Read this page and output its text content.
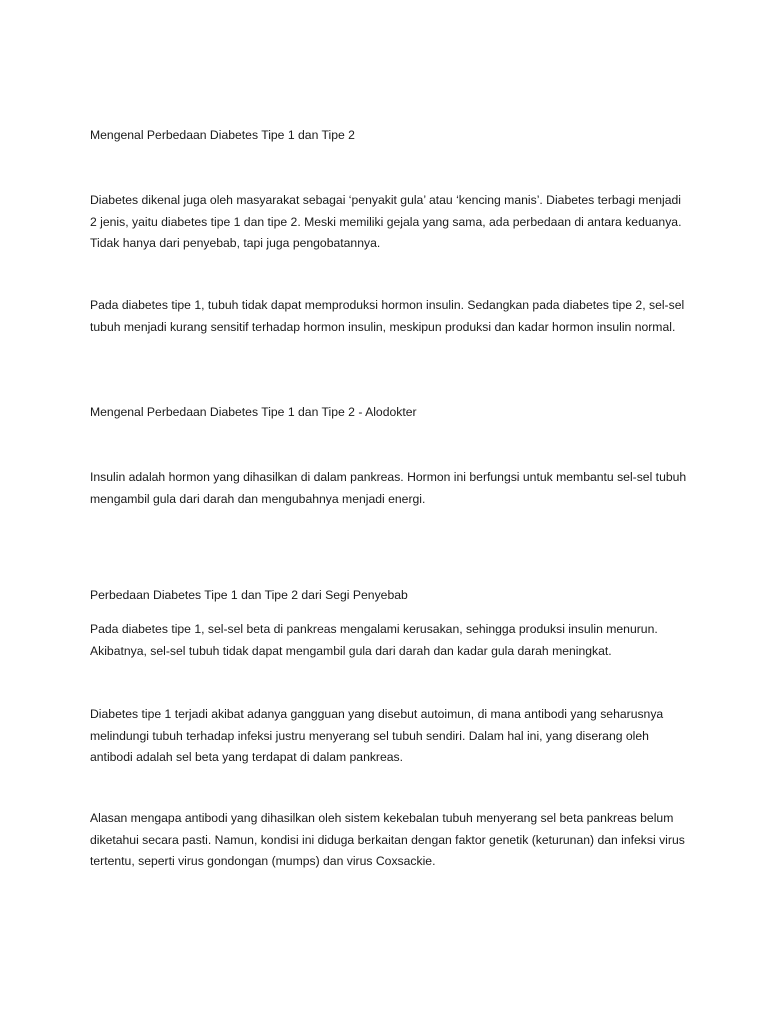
Mengenal Perbedaan Diabetes Tipe 1 dan Tipe 2

Diabetes dikenal juga oleh masyarakat sebagai ‘penyakit gula’ atau ‘kencing manis’. Diabetes terbagi menjadi 2 jenis, yaitu diabetes tipe 1 dan tipe 2. Meski memiliki gejala yang sama, ada perbedaan di antara keduanya. Tidak hanya dari penyebab, tapi juga pengobatannya.

Pada diabetes tipe 1, tubuh tidak dapat memproduksi hormon insulin. Sedangkan pada diabetes tipe 2, sel-sel tubuh menjadi kurang sensitif terhadap hormon insulin, meskipun produksi dan kadar hormon insulin normal.

Mengenal Perbedaan Diabetes Tipe 1 dan Tipe 2 - Alodokter

Insulin adalah hormon yang dihasilkan di dalam pankreas. Hormon ini berfungsi untuk membantu sel-sel tubuh mengambil gula dari darah dan mengubahnya menjadi energi.

Perbedaan Diabetes Tipe 1 dan Tipe 2 dari Segi Penyebab

Pada diabetes tipe 1, sel-sel beta di pankreas mengalami kerusakan, sehingga produksi insulin menurun. Akibatnya, sel-sel tubuh tidak dapat mengambil gula dari darah dan kadar gula darah meningkat.

Diabetes tipe 1 terjadi akibat adanya gangguan yang disebut autoimun, di mana antibodi yang seharusnya melindungi tubuh terhadap infeksi justru menyerang sel tubuh sendiri. Dalam hal ini, yang diserang oleh antibodi adalah sel beta yang terdapat di dalam pankreas.

Alasan mengapa antibodi yang dihasilkan oleh sistem kekebalan tubuh menyerang sel beta pankreas belum diketahui secara pasti. Namun, kondisi ini diduga berkaitan dengan faktor genetik (keturunan) dan infeksi virus tertentu, seperti virus gondongan (mumps) dan virus Coxsackie.
